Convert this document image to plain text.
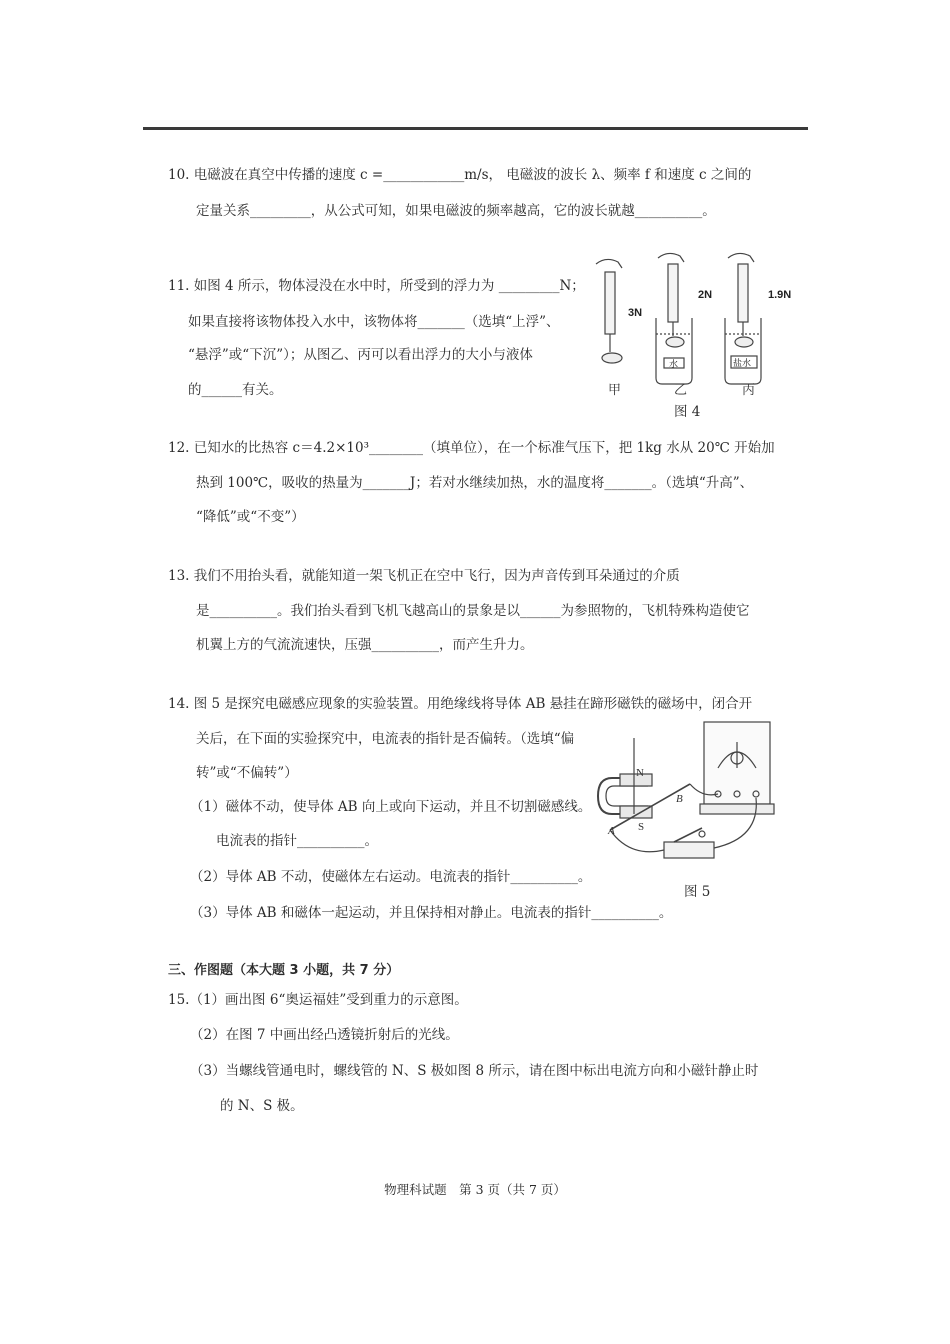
10. 电磁波在真空中传播的速度 c =____________m/s， 电磁波的波长 λ、频率 f 和速度 c 之间的
定量关系_________，从公式可知，如果电磁波的频率越高，它的波长就越__________。
11. 如图 4 所示，物体浸没在水中时，所受到的浮力为 _________N；
如果直接将该物体投入水中，该物体将_______（选填“上浮”、
“悬浮”或“下沉”）；从图乙、丙可以看出浮力的大小与液体
的______有关。
3N
2N	1.9N
水	盐水
甲	乙	丙
图 4
12. 已知水的比热容 c＝4.2×10³________（填单位），在一个标准气压下，把 1kg 水从 20℃ 开始加
热到 100℃，吸收的热量为_______J；若对水继续加热，水的温度将_______。（选填“升高”、
“降低”或“不变”）
13. 我们不用抬头看，就能知道一架飞机正在空中飞行，因为声音传到耳朵通过的介质
是__________。我们抬头看到飞机飞越高山的景象是以______为参照物的，飞机特殊构造使它
机翼上方的气流流速快，压强__________，而产生升力。
14. 图 5 是探究电磁感应现象的实验装置。用绝缘线将导体 AB 悬挂在蹄形磁铁的磁场中，闭合开
关后，在下面的实验探究中，电流表的指针是否偏转。（选填“偏
转”或“不偏转”）
（1）磁体不动，使导体 AB 向上或向下运动，并且不切割磁感线。
电流表的指针__________。
（2）导体 AB 不动，使磁体左右运动。电流表的指针__________。
（3）导体 AB 和磁体一起运动，并且保持相对静止。电流表的指针__________。
N
S
A
B
图 5
三、作图题（本大题 3 小题，共 7 分）
15.（1）画出图 6“奥运福娃”受到重力的示意图。
（2）在图 7 中画出经凸透镜折射后的光线。
（3）当螺线管通电时，螺线管的 N、S 极如图 8 所示，请在图中标出电流方向和小磁针静止时
的 N、S 极。
物理科试题　第 3 页（共 7 页）
